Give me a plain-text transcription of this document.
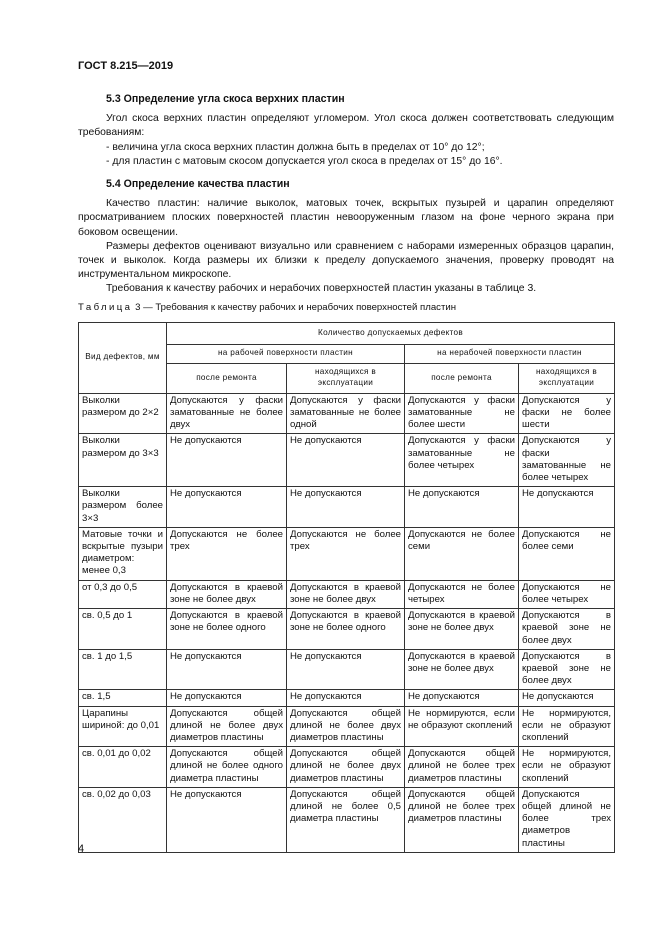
ГОСТ 8.215—2019
5.3 Определение угла скоса верхних пластин

Угол скоса верхних пластин определяют угломером. Угол скоса должен соответствовать следующим требованиям:

- величина угла скоса верхних пластин должна быть в пределах от 10° до 12°;

- для пластин с матовым скосом допускается угол скоса в пределах от 15° до 16°.

5.4 Определение качества пластин

Качество пластин: наличие выколок, матовых точек, вскрытых пузырей и царапин определяют просматриванием плоских поверхностей пластин невооруженным глазом на фоне черного экрана при боковом освещении.

Размеры дефектов оценивают визуально или сравнением с наборами измеренных образцов царапин, точек и выколок. Когда размеры их близки к пределу допускаемого значения, проверку проводят на инструментальном микроскопе.

Требования к качеству рабочих и нерабочих поверхностей пластин указаны в таблице 3.

Таблица 3 — Требования к качеству рабочих и нерабочих поверхностей пластин
Вид дефектов, мм	Количество допускаемых дефектов			
	на рабочей поверхности пластин		на нерабочей поверхности пластин	
	после ремонта	находящихся в эксплуатации	после ремонта	находящихся в эксплуатации
Выколки размером до 2×2	Допускаются у фаски заматованные не более двух	Допускаются у фаски заматованные не более одной	Допускаются у фаски заматованные не более шести	Допускаются у фаски не более шести
Выколки размером до 3×3	Не допускаются	Не допускаются	Допускаются у фаски заматованные не более четырех	Допускаются у фаски заматованные не более четырех
Выколки размером более 3×3	Не допускаются	Не допускаются	Не допускаются	Не допускаются
Матовые точки и вскрытые пузыри диаметром: менее 0,3	Допускаются не более трех	Допускаются не более трех	Допускаются не более семи	Допускаются не более семи
от 0,3 до 0,5	Допускаются в краевой зоне не более двух	Допускаются в краевой зоне не более двух	Допускаются не более четырех	Допускаются не более четырех
св. 0,5 до 1	Допускаются в краевой зоне не более одного	Допускаются в краевой зоне не более одного	Допускаются в краевой зоне не более двух	Допускаются в краевой зоне не более двух
св. 1 до 1,5	Не допускаются	Не допускаются	Допускаются в краевой зоне не более двух	Допускаются в краевой зоне не более двух
св. 1,5	Не допускаются	Не допускаются	Не допускаются	Не допускаются
Царапины шириной: до 0,01	Допускаются общей длиной не более двух диаметров пластины	Допускаются общей длиной не более двух диаметров пластины	Не нормируются, если не образуют скоплений	Не нормируются, если не образуют скоплений
св. 0,01 до 0,02	Допускаются общей длиной не более одного диаметра пластины	Допускаются общей длиной не более двух диаметров пластины	Допускаются общей длиной не более трех диаметров пластины	Не нормируются, если не образуют скоплений
св. 0,02 до 0,03	Не допускаются	Допускаются общей длиной не более 0,5 диаметра пластины	Допускаются общей длиной не более трех диаметров пластины	Допускаются общей длиной не более трех диаметров пластины
4
